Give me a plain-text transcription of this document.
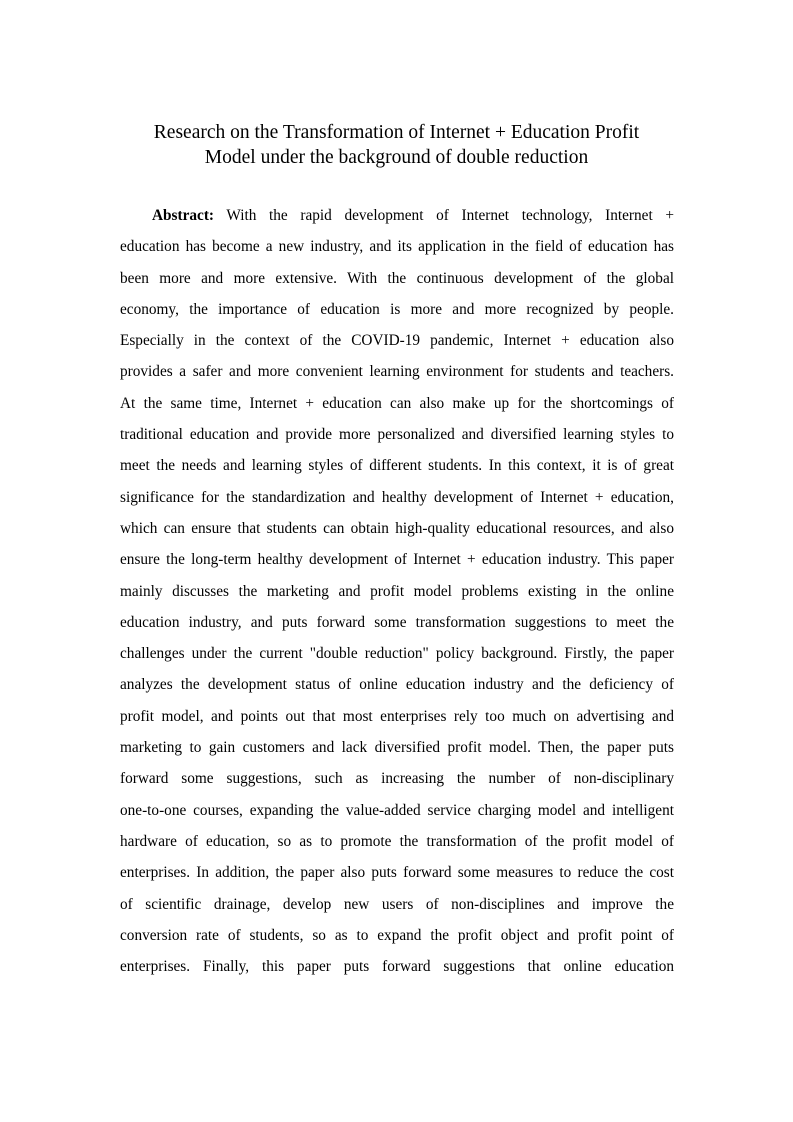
Research on the Transformation of Internet + Education Profit
Model under the background of double reduction
Abstract: With the rapid development of Internet technology, Internet +
education has become a new industry, and its application in the field of education has
been more and more extensive. With the continuous development of the global
economy, the importance of education is more and more recognized by people.
Especially in the context of the COVID-19 pandemic, Internet + education also
provides a safer and more convenient learning environment for students and teachers.
At the same time, Internet + education can also make up for the shortcomings of
traditional education and provide more personalized and diversified learning styles to
meet the needs and learning styles of different students. In this context, it is of great
significance for the standardization and healthy development of Internet + education,
which can ensure that students can obtain high-quality educational resources, and also
ensure the long-term healthy development of Internet + education industry. This paper
mainly discusses the marketing and profit model problems existing in the online
education industry, and puts forward some transformation suggestions to meet the
challenges under the current "double reduction" policy background. Firstly, the paper
analyzes the development status of online education industry and the deficiency of
profit model, and points out that most enterprises rely too much on advertising and
marketing to gain customers and lack diversified profit model. Then, the paper puts
forward some suggestions, such as increasing the number of non-disciplinary
one-to-one courses, expanding the value-added service charging model and intelligent
hardware of education, so as to promote the transformation of the profit model of
enterprises. In addition, the paper also puts forward some measures to reduce the cost
of scientific drainage, develop new users of non-disciplines and improve the
conversion rate of students, so as to expand the profit object and profit point of
enterprises. Finally, this paper puts forward suggestions that online education
